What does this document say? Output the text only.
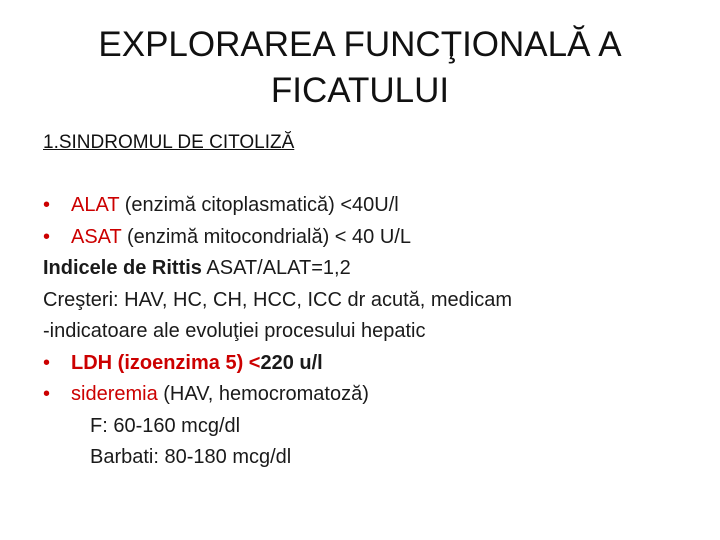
EXPLORAREA FUNCŢIONALĂ A
FICATULUI
1.SINDROMUL DE CITOLIZĂ
• ALAT (enzimă citoplasmatică) <40U/l
• ASAT (enzimă mitocondrială) < 40 U/L
Indicele de Rittis ASAT/ALAT=1,2
Creşteri: HAV, HC, CH, HCC, ICC dr acută, medicam
-indicatoare ale evoluţiei procesului hepatic
• LDH (izoenzima 5) <220 u/l
• sideremia (HAV, hemocromatoză)
F: 60-160 mcg/dl
Barbati: 80-180 mcg/dl
